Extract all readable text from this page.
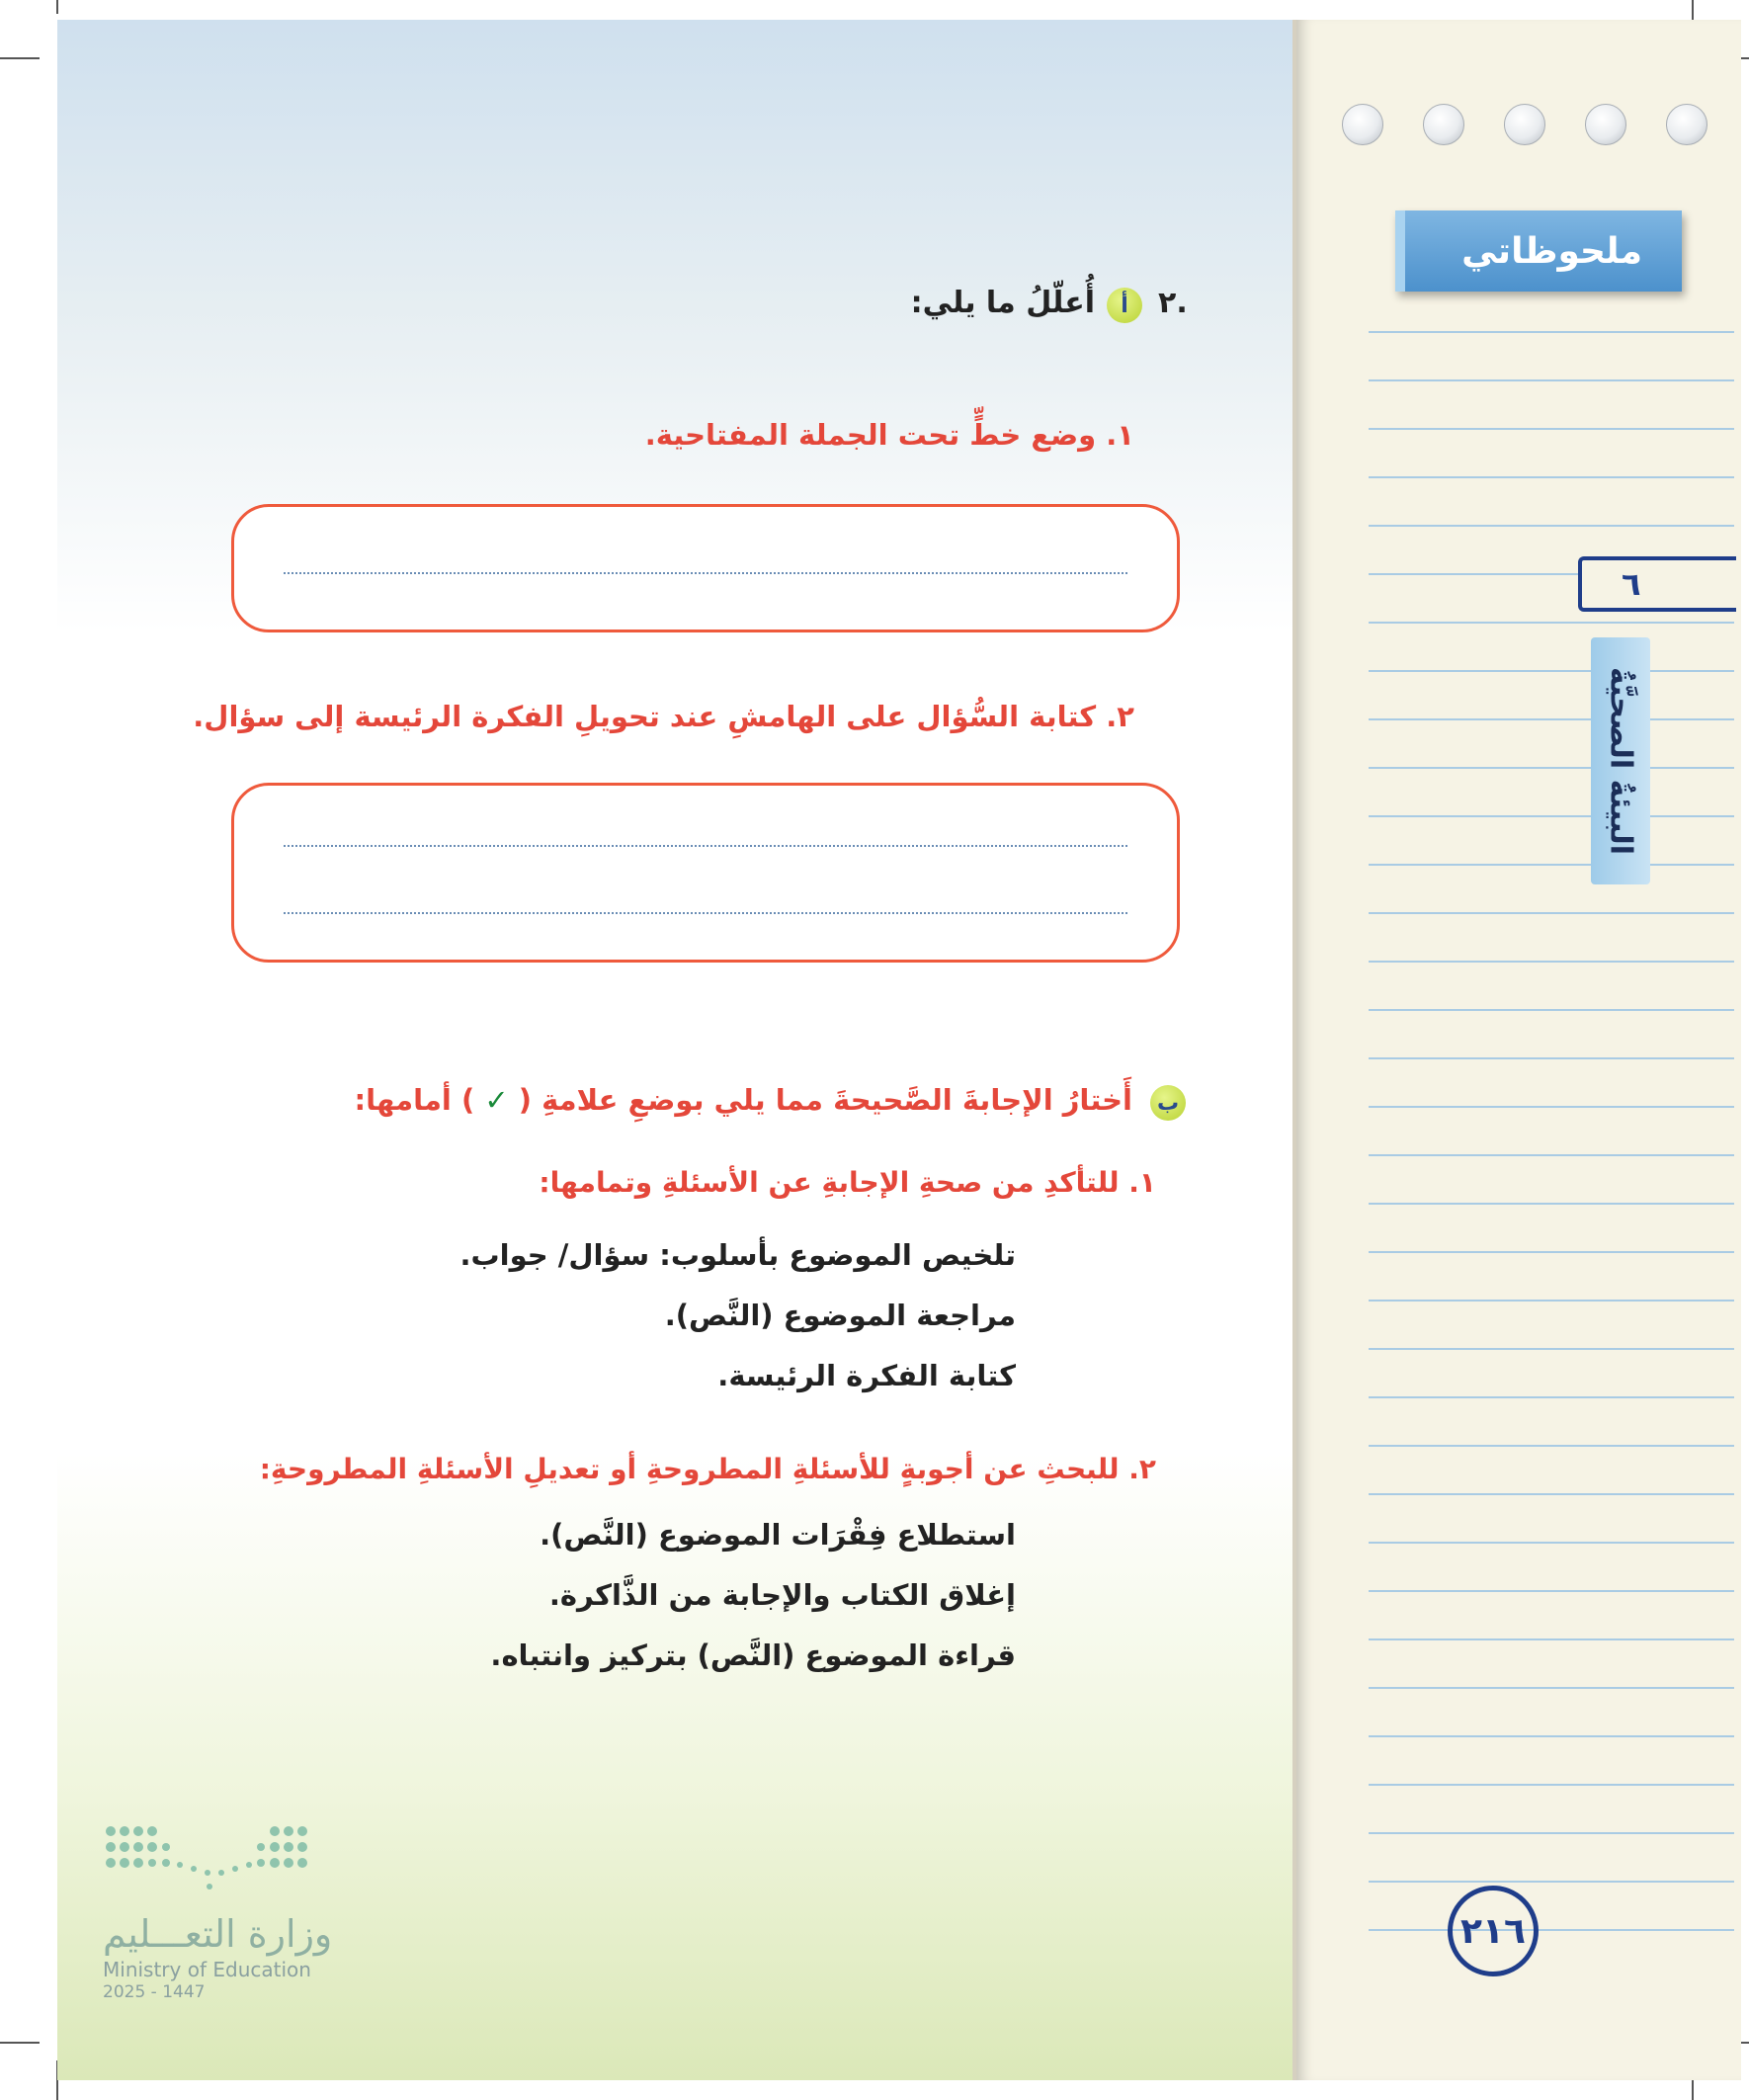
ملحوظاتي
٦
البيئةُ الصحيَّةُ
٢١٦
٢.
أ
أُعلّلُ ما يلي:
١. وضع خطٍّ تحت الجملة المفتاحية.
٢. كتابة السُّؤال على الهامشِ عند تحويلِ الفكرة الرئيسة إلى سؤال.
ب
أَختارُ الإجابةَ الصَّحيحةَ مما يلي بوضعِ علامةِ ( ✓ ) أمامها:
١. للتأكدِ من صحةِ الإجابةِ عن الأسئلةِ وتمامها:
تلخيص الموضوع بأسلوب: سؤال/ جواب.
مراجعة الموضوع (النَّص).
كتابة الفكرة الرئيسة.
٢. للبحثِ عن أجوبةٍ للأسئلةِ المطروحةِ أو تعديلِ الأسئلةِ المطروحةِ:
استطلاع فِقْرَات الموضوع (النَّص).
إغلاق الكتاب والإجابة من الذَّاكرة.
قراءة الموضوع (النَّص) بتركيز وانتباه.
وزارة التعـــليم
Ministry of Education
2025 - 1447
